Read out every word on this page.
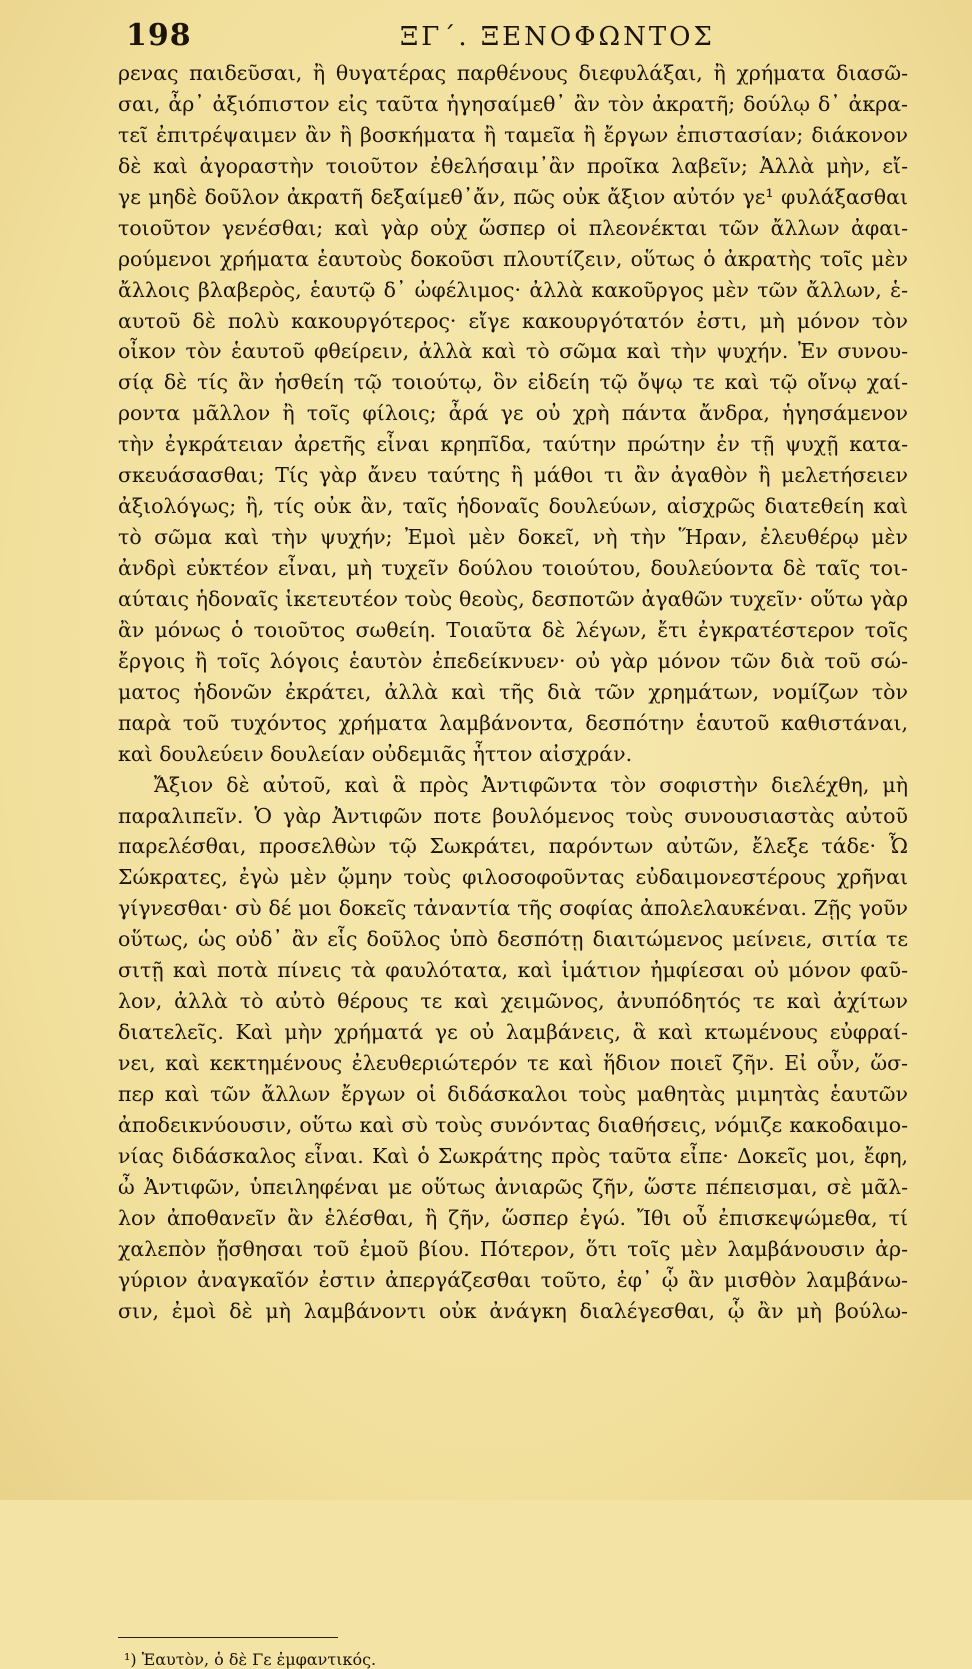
198	ΞΓ΄. ΞΕΝΟΦΩΝΤΟΣ
ρενας παιδεῦσαι, ἢ θυγατέρας παρθένους διεφυλάξαι, ἢ χρήματα διασῶ-
σαι, ἆρ᾽ ἀξιόπιστον εἰς ταῦτα ἡγησαίμεθ᾽ ἂν τὸν ἀκρατῆ; δούλῳ δ᾽ ἀκρα-
τεῖ ἐπιτρέψαιμεν ἂν ἢ βοσκήματα ἢ ταμεῖα ἢ ἔργων ἐπιστασίαν; διάκονον
δὲ καὶ ἀγοραστὴν τοιοῦτον ἐθελήσαιμ᾽ἂν προῖκα λαβεῖν; Ἀλλὰ μὴν, εἴ-
γε μηδὲ δοῦλον ἀκρατῆ δεξαίμεθ᾽ἄν, πῶς οὐκ ἄξιον αὐτόν γε¹ φυλάξασθαι
τοιοῦτον γενέσθαι; καὶ γὰρ οὐχ ὥσπερ οἱ πλεονέκται τῶν ἄλλων ἀφαι-
ρούμενοι χρήματα ἑαυτοὺς δοκοῦσι πλουτίζειν, οὕτως ὁ ἀκρατὴς τοῖς μὲν
ἄλλοις βλαβερὸς, ἑαυτῷ δ᾽ ὠφέλιμος· ἀλλὰ κακοῦργος μὲν τῶν ἄλλων, ἑ-
αυτοῦ δὲ πολὺ κακουργότερος· εἴγε κακουργότατόν ἐστι, μὴ μόνον τὸν
οἶκον τὸν ἑαυτοῦ φθείρειν, ἀλλὰ καὶ τὸ σῶμα καὶ τὴν ψυχήν. Ἐν συνου-
σίᾳ δὲ τίς ἂν ἡσθείη τῷ τοιούτῳ, ὃν εἰδείη τῷ ὄψῳ τε καὶ τῷ οἴνῳ χαί-
ροντα μᾶλλον ἢ τοῖς φίλοις; ἆρά γε οὐ χρὴ πάντα ἄνδρα, ἡγησάμενον
τὴν ἐγκράτειαν ἀρετῆς εἶναι κρηπῖδα, ταύτην πρώτην ἐν τῇ ψυχῇ κατα-
σκευάσασθαι; Τίς γὰρ ἄνευ ταύτης ἢ μάθοι τι ἂν ἀγαθὸν ἢ μελετήσειεν
ἀξιολόγως; ἢ, τίς οὐκ ἂν, ταῖς ἡδοναῖς δουλεύων, αἰσχρῶς διατεθείη καὶ
τὸ σῶμα καὶ τὴν ψυχήν; Ἐμοὶ μὲν δοκεῖ, νὴ τὴν Ἥραν, ἐλευθέρῳ μὲν
ἀνδρὶ εὐκτέον εἶναι, μὴ τυχεῖν δούλου τοιούτου, δουλεύοντα δὲ ταῖς τοι-
αύταις ἡδοναῖς ἱκετευτέον τοὺς θεοὺς, δεσποτῶν ἀγαθῶν τυχεῖν· οὕτω γὰρ
ἂν μόνως ὁ τοιοῦτος σωθείη. Τοιαῦτα δὲ λέγων, ἔτι ἐγκρατέστερον τοῖς
ἔργοις ἢ τοῖς λόγοις ἑαυτὸν ἐπεδείκνυεν· οὐ γὰρ μόνον τῶν διὰ τοῦ σώ-
ματος ἡδονῶν ἐκράτει, ἀλλὰ καὶ τῆς διὰ τῶν χρημάτων, νομίζων τὸν
παρὰ τοῦ τυχόντος χρήματα λαμβάνοντα, δεσπότην ἑαυτοῦ καθιστάναι,
καὶ δουλεύειν δουλείαν οὐδεμιᾶς ἧττον αἰσχράν.
Ἄξιον δὲ αὐτοῦ, καὶ ἃ πρὸς Ἀντιφῶντα τὸν σοφιστὴν διελέχθη, μὴ
παραλιπεῖν. Ὁ γὰρ Ἀντιφῶν ποτε βουλόμενος τοὺς συνουσιαστὰς αὐτοῦ
παρελέσθαι, προσελθὼν τῷ Σωκράτει, παρόντων αὐτῶν, ἔλεξε τάδε· Ὦ
Σώκρατες, ἐγὼ μὲν ᾤμην τοὺς φιλοσοφοῦντας εὐδαιμονεστέρους χρῆναι
γίγνεσθαι· σὺ δέ μοι δοκεῖς τἀναντία τῆς σοφίας ἀπολελαυκέναι. Ζῇς γοῦν
οὕτως, ὡς οὐδ᾽ ἂν εἷς δοῦλος ὑπὸ δεσπότῃ διαιτώμενος μείνειε, σιτία τε
σιτῇ καὶ ποτὰ πίνεις τὰ φαυλότατα, καὶ ἱμάτιον ἠμφίεσαι οὐ μόνον φαῦ-
λον, ἀλλὰ τὸ αὐτὸ θέρους τε καὶ χειμῶνος, ἀνυπόδητός τε καὶ ἀχίτων
διατελεῖς. Καὶ μὴν χρήματά γε οὐ λαμβάνεις, ἃ καὶ κτωμένους εὐφραί-
νει, καὶ κεκτημένους ἐλευθεριώτερόν τε καὶ ἥδιον ποιεῖ ζῆν. Εἰ οὖν, ὥσ-
περ καὶ τῶν ἄλλων ἔργων οἱ διδάσκαλοι τοὺς μαθητὰς μιμητὰς ἑαυτῶν
ἀποδεικνύουσιν, οὕτω καὶ σὺ τοὺς συνόντας διαθήσεις, νόμιζε κακοδαιμο-
νίας διδάσκαλος εἶναι. Καὶ ὁ Σωκράτης πρὸς ταῦτα εἶπε· Δοκεῖς μοι, ἔφη,
ὦ Ἀντιφῶν, ὑπειληφέναι με οὕτως ἀνιαρῶς ζῆν, ὥστε πέπεισμαι, σὲ μᾶλ-
λον ἀποθανεῖν ἂν ἑλέσθαι, ἢ ζῆν, ὥσπερ ἐγώ. Ἴθι οὖ ἐπισκεψώμεθα, τί
χαλεπὸν ᾔσθησαι τοῦ ἐμοῦ βίου. Πότερον, ὅτι τοῖς μὲν λαμβάνουσιν ἀρ-
γύριον ἀναγκαῖόν ἐστιν ἀπεργάζεσθαι τοῦτο, ἐφ᾽ ᾧ ἂν μισθὸν λαμβάνω-
σιν, ἐμοὶ δὲ μὴ λαμβάνοντι οὐκ ἀνάγκη διαλέγεσθαι, ᾧ ἂν μὴ βούλω-
¹) Ἑαυτὸν, ὁ δὲ Γε ἐμφαντικός.
